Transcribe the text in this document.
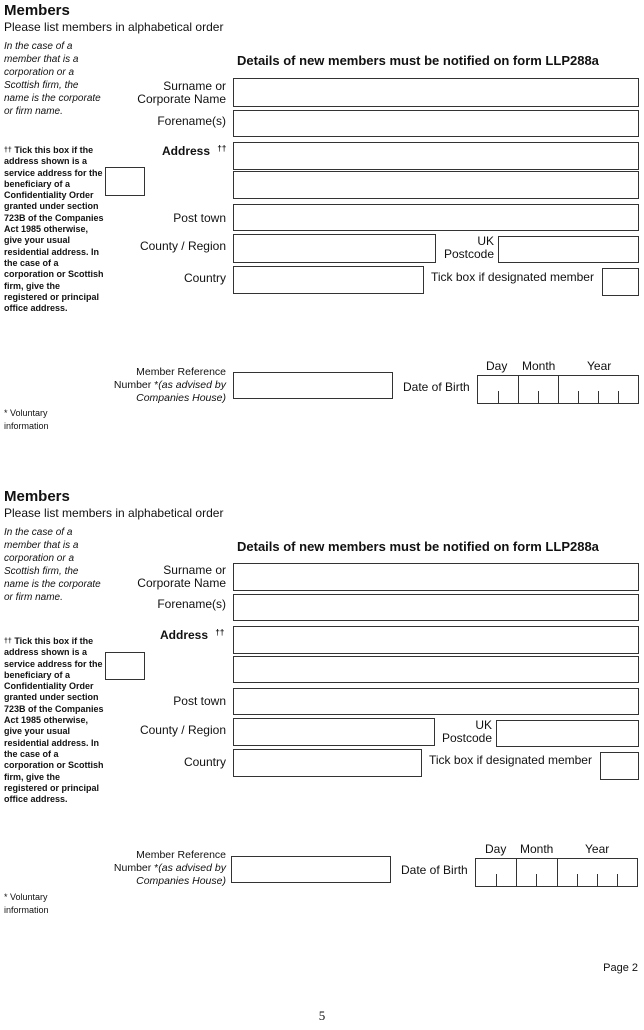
Members
Please list members in alphabetical order
In the case of a member that is a corporation or a Scottish firm, the name is the corporate or firm name.
Details of new members must be notified on form LLP288a
Surname or Corporate Name
Forename(s)
Address ††
†† Tick this box if the address shown is a service address for the beneficiary of a Confidentiality Order granted under section 723B of the Companies Act 1985 otherwise, give your usual residential address. In the case of a corporation or Scottish firm, give the registered or principal office address.
Post town
County / Region	UK Postcode
Country	Tick box if designated member
Member Reference Number *(as advised by Companies House)
Date of Birth
Day Month	Year
* Voluntary information
Members
Please list members in alphabetical order
In the case of a member that is a corporation or a Scottish firm, the name is the corporate or firm name.
Details of new members must be notified on form LLP288a
Surname or Corporate Name
Forename(s)
Address ††
†† Tick this box if the address shown is a service address for the beneficiary of a Confidentiality Order granted under section 723B of the Companies Act 1985 otherwise, give your usual residential address. In the case of a corporation or Scottish firm, give the registered or principal office address.
Post town
County / Region	UK Postcode
Country	Tick box if designated member
Member Reference Number *(as advised by Companies House)
Date of Birth
Day Month	Year
* Voluntary information
Page 2
5
